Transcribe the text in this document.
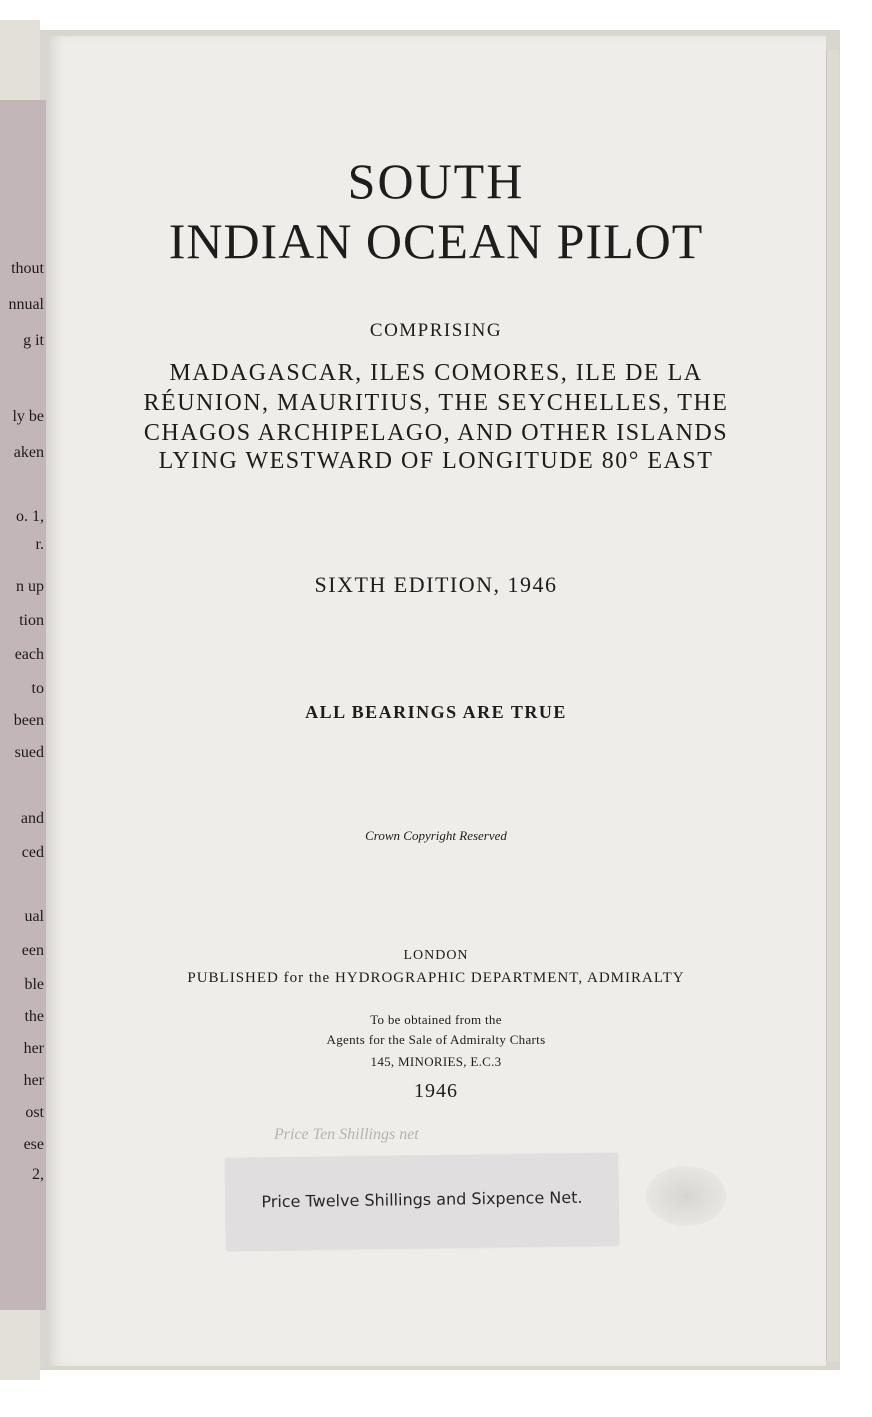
thout
nnual
g it
ly be
aken
o. 1,
r.
n up
tion
each
to
been
sued
and
ced
ual
een
ble
the
her
her
ost
ese
2,
SOUTH
INDIAN OCEAN PILOT
COMPRISING
MADAGASCAR, ILES COMORES, ILE DE LA
RÉUNION, MAURITIUS, THE SEYCHELLES, THE
CHAGOS ARCHIPELAGO, AND OTHER ISLANDS
LYING WESTWARD OF LONGITUDE 80° EAST
SIXTH EDITION, 1946
ALL BEARINGS ARE TRUE
Crown Copyright Reserved
LONDON
PUBLISHED for the HYDROGRAPHIC DEPARTMENT, ADMIRALTY
To be obtained from the
Agents for the Sale of Admiralty Charts
145, MINORIES, E.C.3
1946
Price Ten Shillings net
Price Twelve Shillings and Sixpence Net.
